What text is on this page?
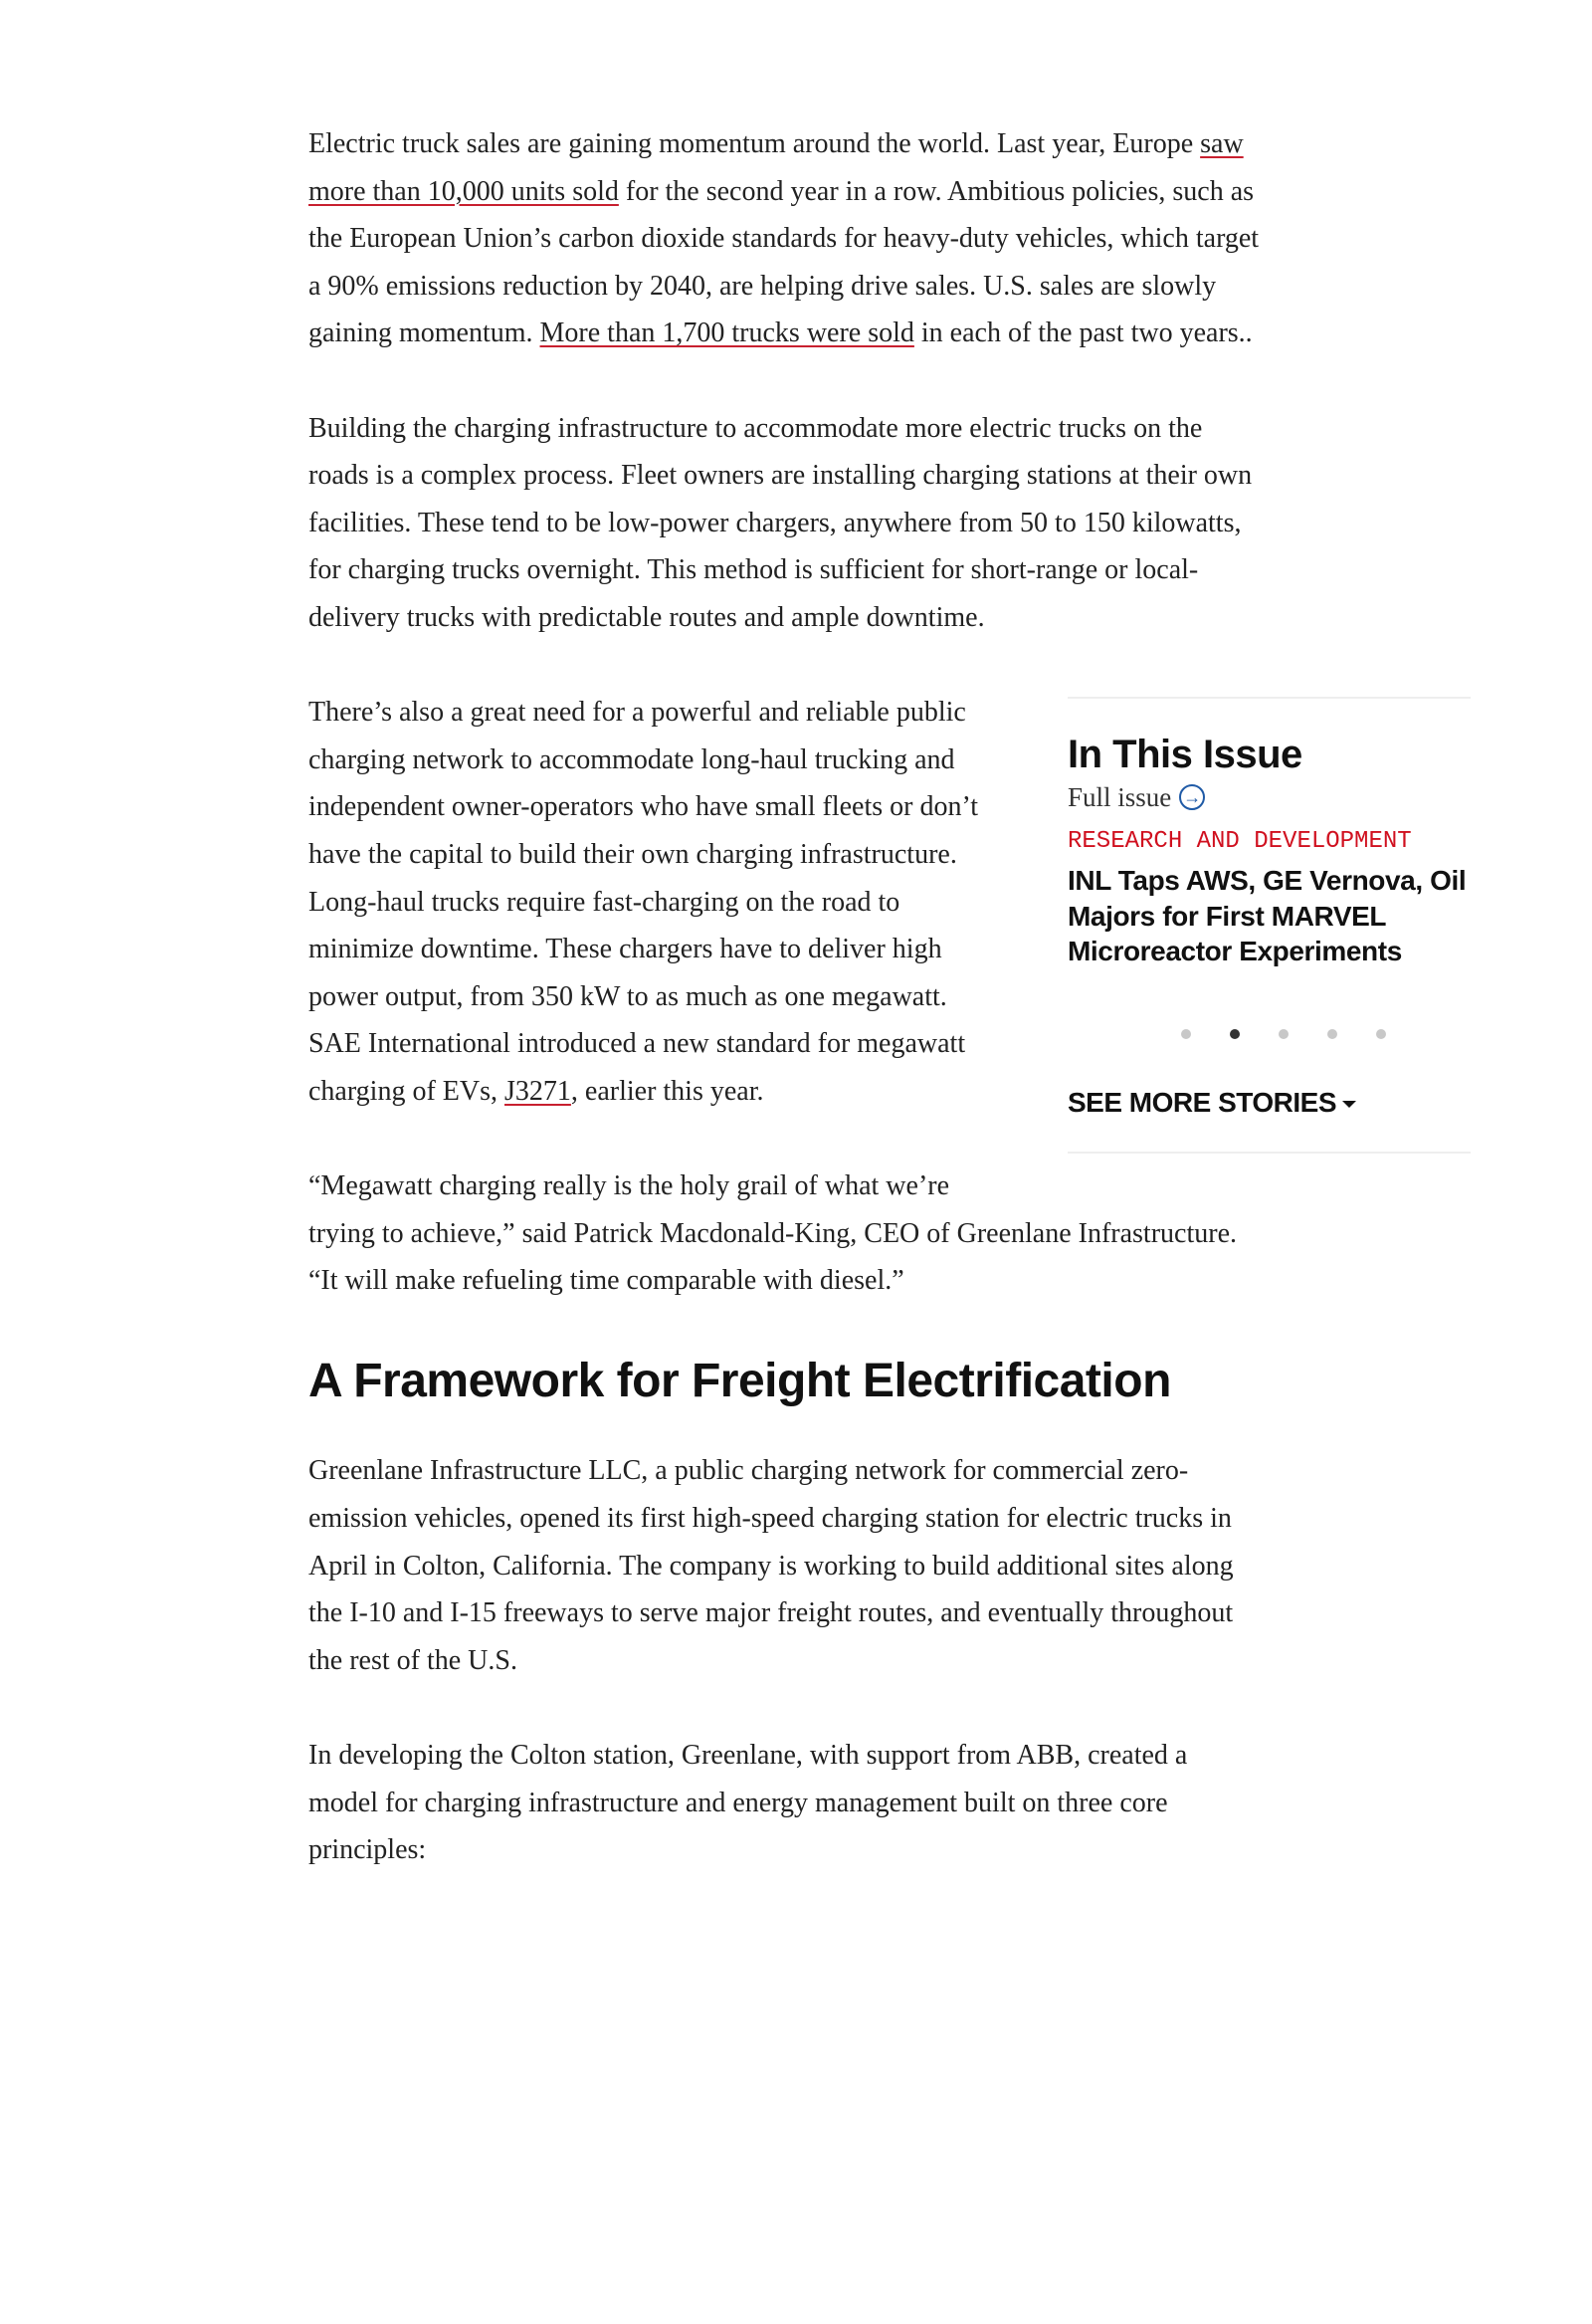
Electric truck sales are gaining momentum around the world. Last year, Europe saw more than 10,000 units sold for the second year in a row. Ambitious policies, such as the European Union’s carbon dioxide standards for heavy-duty vehicles, which target a 90% emissions reduction by 2040, are helping drive sales. U.S. sales are slowly gaining momentum. More than 1,700 trucks were sold in each of the past two years..

Building the charging infrastructure to accommodate more electric trucks on the roads is a complex process. Fleet owners are installing charging stations at their own facilities. These tend to be low-power chargers, anywhere from 50 to 150 kilowatts, for charging trucks overnight. This method is sufficient for short-range or local-delivery trucks with predictable routes and ample downtime.

In This Issue
Full issue →
RESEARCH AND DEVELOPMENT
INL Taps AWS, GE Vernova, Oil Majors for First MARVEL Microreactor Experiments
SEE MORE STORIES

There’s also a great need for a powerful and reliable public charging network to accommodate long-haul trucking and independent owner-operators who have small fleets or don’t have the capital to build their own charging infrastructure. Long-haul trucks require fast-charging on the road to minimize downtime. These chargers have to deliver high power output, from 350 kW to as much as one megawatt. SAE International introduced a new standard for megawatt charging of EVs, J3271, earlier this year.

“Megawatt charging really is the holy grail of what we’re trying to achieve,” said Patrick Macdonald-King, CEO of Greenlane Infrastructure. “It will make refueling time comparable with diesel.”

A Framework for Freight Electrification

Greenlane Infrastructure LLC, a public charging network for commercial zero-emission vehicles, opened its first high-speed charging station for electric trucks in April in Colton, California. The company is working to build additional sites along the I-10 and I-15 freeways to serve major freight routes, and eventually throughout the rest of the U.S.

In developing the Colton station, Greenlane, with support from ABB, created a model for charging infrastructure and energy management built on three core principles:
